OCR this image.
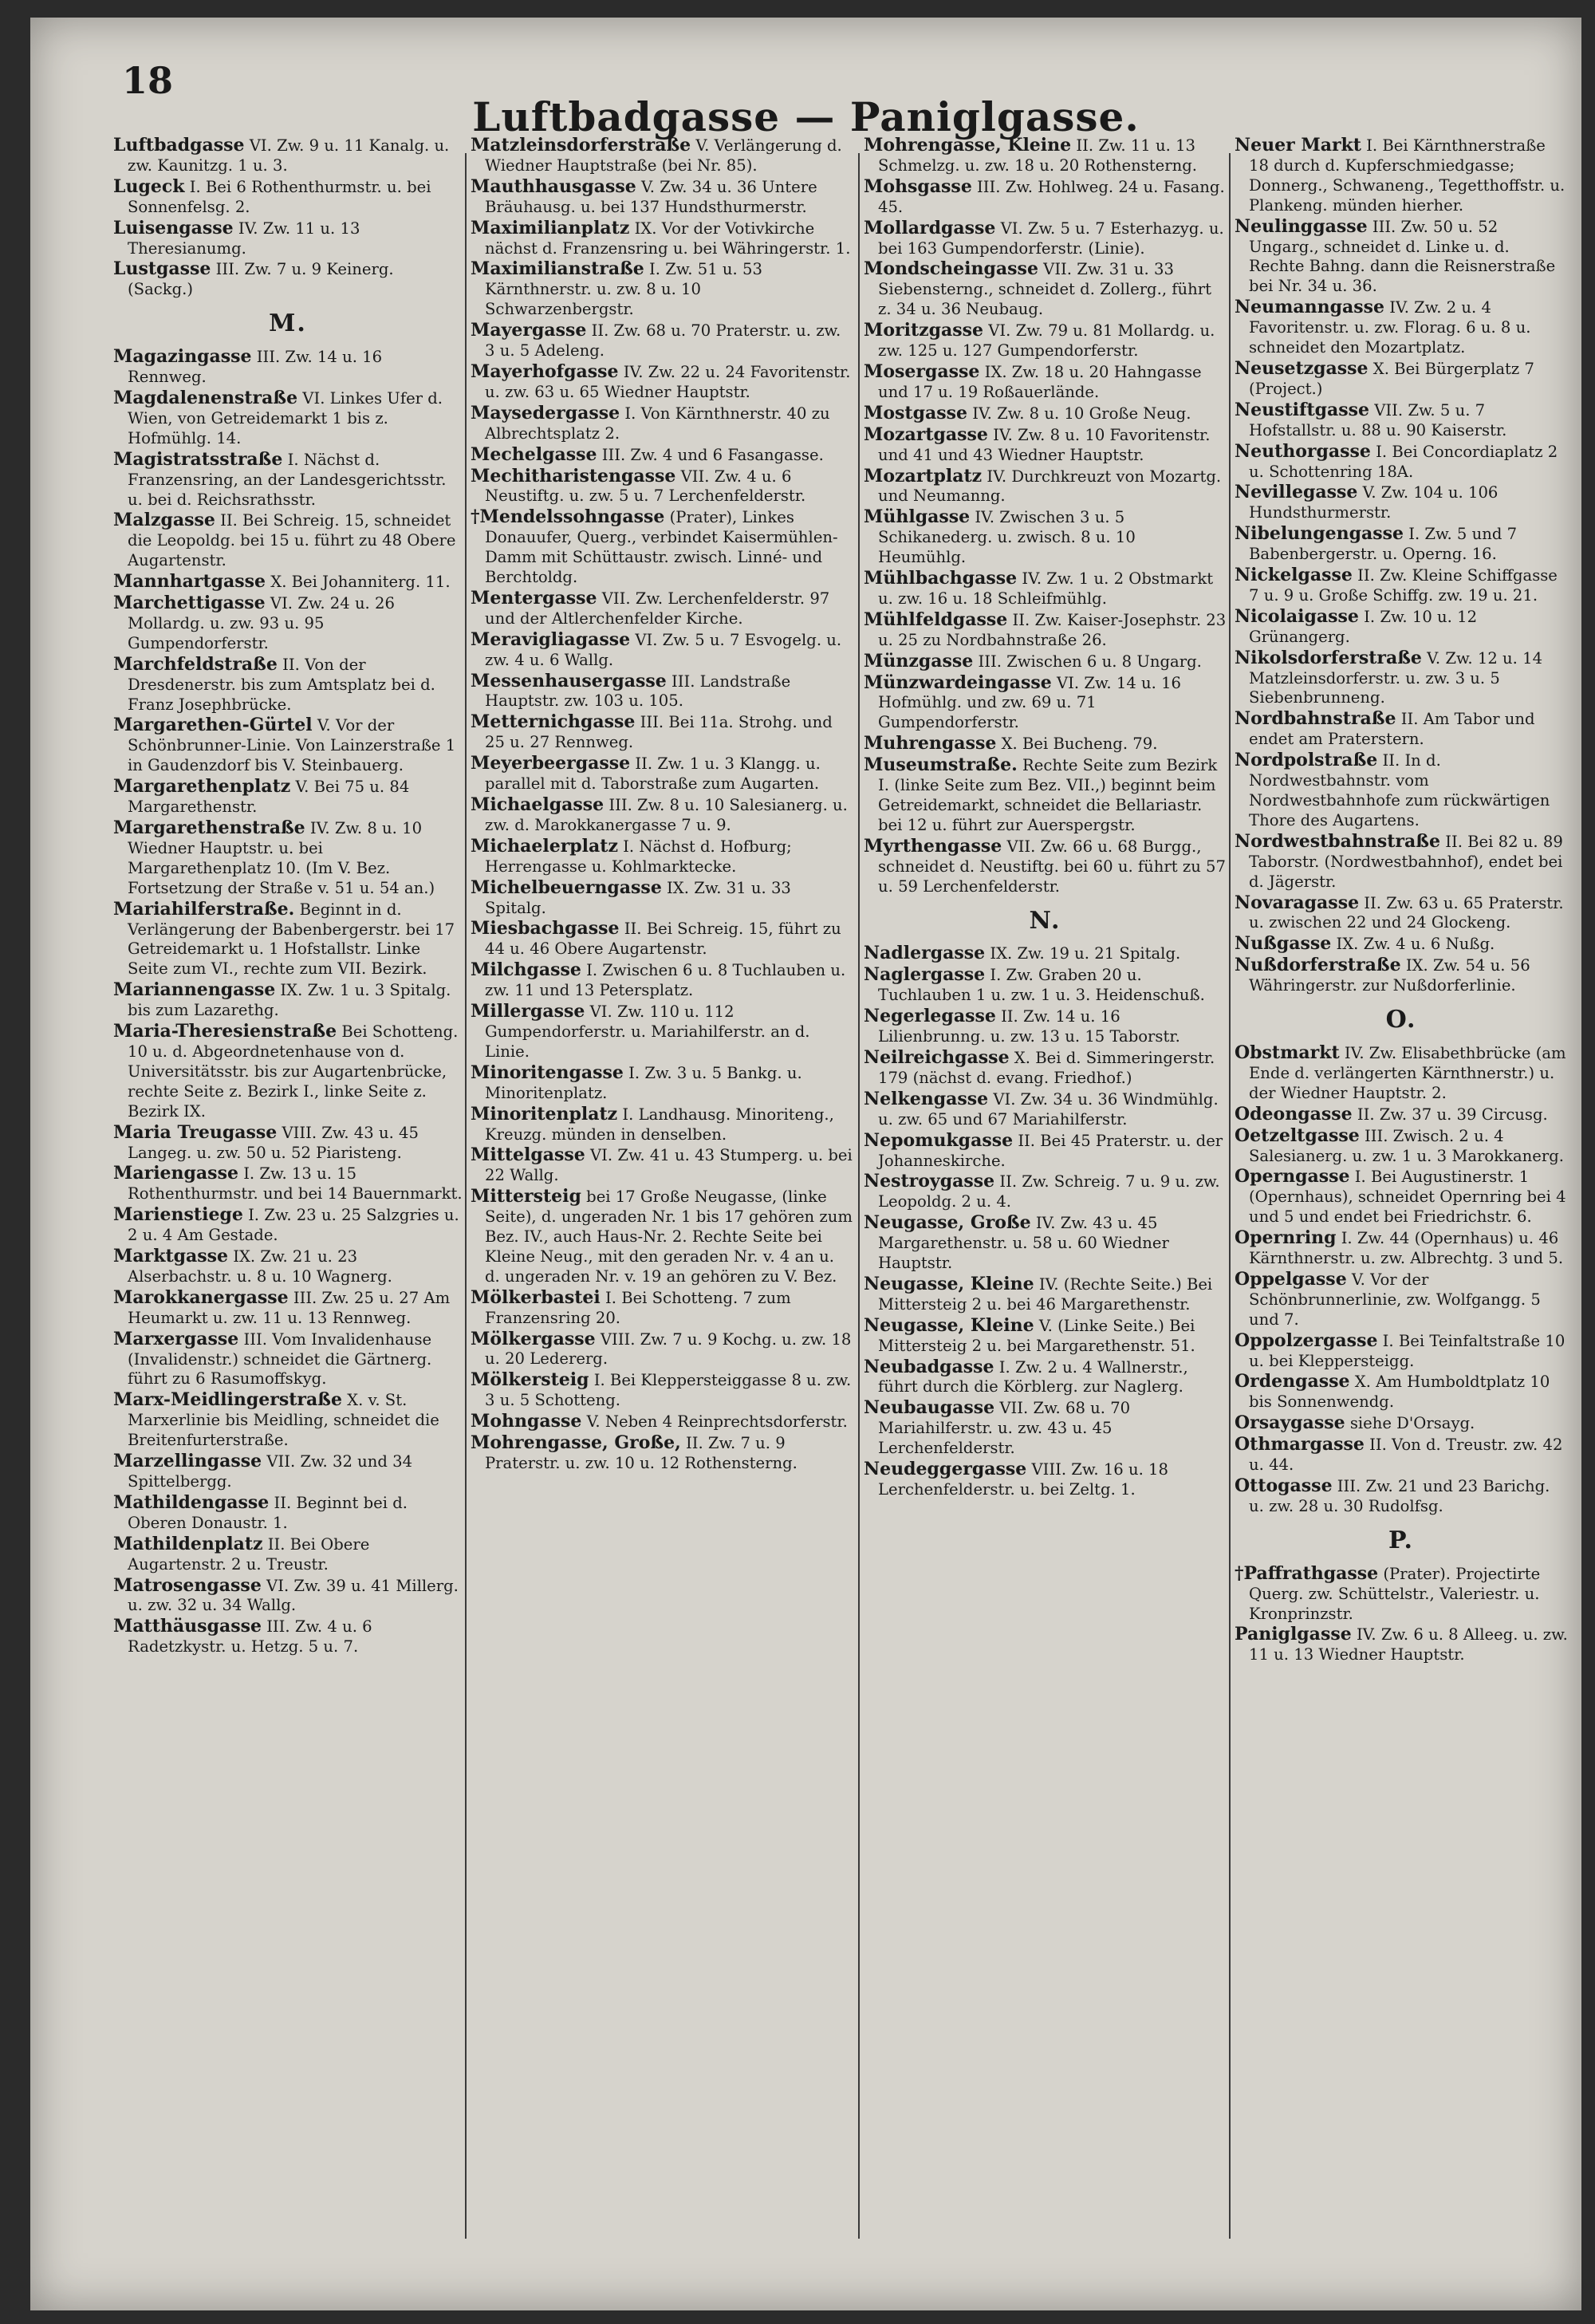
18
Luftbadgasse — Paniglgasse.
Luftbadgasse VI. Zw. 9 u. 11 Kanalg. u. zw. Kaunitzg. 1 u. 3.
Lugeck I. Bei 6 Rothenthurmstr. u. bei Sonnenfelsg. 2.
Luisengasse IV. Zw. 11 u. 13 Theresianumg.
Lustgasse III. Zw. 7 u. 9 Keinerg. (Sackg.)
M.
Magazingasse III. Zw. 14 u. 16 Rennweg.
Magdalenenstraße VI. Linkes Ufer d. Wien, von Getreidemarkt 1 bis z. Hofmühlg. 14.
Magistratsstraße I. Nächst d. Franzensring, an der Landesgerichtsstr. u. bei d. Reichsrathsstr.
Malzgasse II. Bei Schreig. 15, schneidet die Leopoldg. bei 15 u. führt zu 48 Obere Augartenstr.
Mannhartgasse X. Bei Johanniterg. 11.
Marchettigasse VI. Zw. 24 u. 26 Mollardg. u. zw. 93 u. 95 Gumpendorferstr.
Marchfeldstraße II. Von der Dresdenerstr. bis zum Amtsplatz bei d. Franz Josephbrücke.
Margarethen-Gürtel V. Vor der Schönbrunner-Linie. Von Lainzerstraße 1 in Gaudenzdorf bis V. Steinbauerg.
Margarethenplatz V. Bei 75 u. 84 Margarethenstr.
Margarethenstraße IV. Zw. 8 u. 10 Wiedner Hauptstr. u. bei Margarethenplatz 10. (Im V. Bez. Fortsetzung der Straße v. 51 u. 54 an.)
Mariahilferstraße. Beginnt in d. Verlängerung der Babenbergerstr. bei 17 Getreidemarkt u. 1 Hofstallstr. Linke Seite zum VI., rechte zum VII. Bezirk.
Mariannengasse IX. Zw. 1 u. 3 Spitalg. bis zum Lazarethg.
Maria-Theresienstraße Bei Schotteng. 10 u. d. Abgeordnetenhause von d. Universitätsstr. bis zur Augartenbrücke, rechte Seite z. Bezirk I., linke Seite z. Bezirk IX.
Maria Treugasse VIII. Zw. 43 u. 45 Langeg. u. zw. 50 u. 52 Piaristeng.
Mariengasse I. Zw. 13 u. 15 Rothenthurmstr. und bei 14 Bauernmarkt.
Marienstiege I. Zw. 23 u. 25 Salzgries u. 2 u. 4 Am Gestade.
Marktgasse IX. Zw. 21 u. 23 Alserbachstr. u. 8 u. 10 Wagnerg.
Marokkanergasse III. Zw. 25 u. 27 Am Heumarkt u. zw. 11 u. 13 Rennweg.
Marxergasse III. Vom Invalidenhause (Invalidenstr.) schneidet die Gärtnerg. führt zu 6 Rasumoffskyg.
Marx-Meidlingerstraße X. v. St. Marxerlinie bis Meidling, schneidet die Breitenfurterstraße.
Marzellingasse VII. Zw. 32 und 34 Spittelbergg.
Mathildengasse II. Beginnt bei d. Oberen Donaustr. 1.
Mathildenplatz II. Bei Obere Augartenstr. 2 u. Treustr.
Matrosengasse VI. Zw. 39 u. 41 Millerg. u. zw. 32 u. 34 Wallg.
Matthäusgasse III. Zw. 4 u. 6 Radetzkystr. u. Hetzg. 5 u. 7.
Matzleinsdorferstraße V. Verlängerung d. Wiedner Hauptstraße (bei Nr. 85).
Mauthhausgasse V. Zw. 34 u. 36 Untere Bräuhausg. u. bei 137 Hundsthurmerstr.
Maximilianplatz IX. Vor der Votivkirche nächst d. Franzensring u. bei Währingerstr. 1.
Maximilianstraße I. Zw. 51 u. 53 Kärnthnerstr. u. zw. 8 u. 10 Schwarzenbergstr.
Mayergasse II. Zw. 68 u. 70 Praterstr. u. zw. 3 u. 5 Adeleng.
Mayerhofgasse IV. Zw. 22 u. 24 Favoritenstr. u. zw. 63 u. 65 Wiedner Hauptstr.
Maysedergasse I. Von Kärnthnerstr. 40 zu Albrechtsplatz 2.
Mechelgasse III. Zw. 4 und 6 Fasangasse.
Mechitharistengasse VII. Zw. 4 u. 6 Neustiftg. u. zw. 5 u. 7 Lerchenfelderstr.
†Mendelssohngasse (Prater), Linkes Donauufer, Querg., verbindet Kaisermühlen-Damm mit Schüttaustr. zwisch. Linné- und Berchtoldg.
Mentergasse VII. Zw. Lerchenfelderstr. 97 und der Altlerchenfelder Kirche.
Meravigliagasse VI. Zw. 5 u. 7 Esvogelg. u. zw. 4 u. 6 Wallg.
Messenhausergasse III. Landstraße Hauptstr. zw. 103 u. 105.
Metternichgasse III. Bei 11a. Strohg. und 25 u. 27 Rennweg.
Meyerbeergasse II. Zw. 1 u. 3 Klangg. u. parallel mit d. Taborstraße zum Augarten.
Michaelgasse III. Zw. 8 u. 10 Salesianerg. u. zw. d. Marokkanergasse 7 u. 9.
Michaelerplatz I. Nächst d. Hofburg; Herrengasse u. Kohlmarktecke.
Michelbeuerngasse IX. Zw. 31 u. 33 Spitalg.
Miesbachgasse II. Bei Schreig. 15, führt zu 44 u. 46 Obere Augartenstr.
Milchgasse I. Zwischen 6 u. 8 Tuchlauben u. zw. 11 und 13 Petersplatz.
Millergasse VI. Zw. 110 u. 112 Gumpendorferstr. u. Mariahilferstr. an d. Linie.
Minoritengasse I. Zw. 3 u. 5 Bankg. u. Minoritenplatz.
Minoritenplatz I. Landhausg. Minoriteng., Kreuzg. münden in denselben.
Mittelgasse VI. Zw. 41 u. 43 Stumperg. u. bei 22 Wallg.
Mittersteig bei 17 Große Neugasse, (linke Seite), d. ungeraden Nr. 1 bis 17 gehören zum Bez. IV., auch Haus-Nr. 2. Rechte Seite bei Kleine Neug., mit den geraden Nr. v. 4 an u. d. ungeraden Nr. v. 19 an gehören zu V. Bez.
Mölkerbastei I. Bei Schotteng. 7 zum Franzensring 20.
Mölkergasse VIII. Zw. 7 u. 9 Kochg. u. zw. 18 u. 20 Ledererg.
Mölkersteig I. Bei Kleppersteiggasse 8 u. zw. 3 u. 5 Schotteng.
Mohngasse V. Neben 4 Reinprechtsdorferstr.
Mohrengasse, Große, II. Zw. 7 u. 9 Praterstr. u. zw. 10 u. 12 Rothensterng.
Mohrengasse, Kleine II. Zw. 11 u. 13 Schmelzg. u. zw. 18 u. 20 Rothensterng.
Mohsgasse III. Zw. Hohlweg. 24 u. Fasang. 45.
Mollardgasse VI. Zw. 5 u. 7 Esterhazyg. u. bei 163 Gumpendorferstr. (Linie).
Mondscheingasse VII. Zw. 31 u. 33 Siebensterng., schneidet d. Zollerg., führt z. 34 u. 36 Neubaug.
Moritzgasse VI. Zw. 79 u. 81 Mollardg. u. zw. 125 u. 127 Gumpendorferstr.
Mosergasse IX. Zw. 18 u. 20 Hahngasse und 17 u. 19 Roßauerlände.
Mostgasse IV. Zw. 8 u. 10 Große Neug.
Mozartgasse IV. Zw. 8 u. 10 Favoritenstr. und 41 und 43 Wiedner Hauptstr.
Mozartplatz IV. Durchkreuzt von Mozartg. und Neumanng.
Mühlgasse IV. Zwischen 3 u. 5 Schikanederg. u. zwisch. 8 u. 10 Heumühlg.
Mühlbachgasse IV. Zw. 1 u. 2 Obstmarkt u. zw. 16 u. 18 Schleifmühlg.
Mühlfeldgasse II. Zw. Kaiser-Josephstr. 23 u. 25 zu Nordbahnstraße 26.
Münzgasse III. Zwischen 6 u. 8 Ungarg.
Münzwardeingasse VI. Zw. 14 u. 16 Hofmühlg. und zw. 69 u. 71 Gumpendorferstr.
Muhrengasse X. Bei Bucheng. 79.
Museumstraße. Rechte Seite zum Bezirk I. (linke Seite zum Bez. VII.,) beginnt beim Getreidemarkt, schneidet die Bellariastr. bei 12 u. führt zur Auerspergstr.
Myrthengasse VII. Zw. 66 u. 68 Burgg., schneidet d. Neustiftg. bei 60 u. führt zu 57 u. 59 Lerchenfelderstr.
N.
Nadlergasse IX. Zw. 19 u. 21 Spitalg.
Naglergasse I. Zw. Graben 20 u. Tuchlauben 1 u. zw. 1 u. 3. Heidenschuß.
Negerlegasse II. Zw. 14 u. 16 Lilienbrunng. u. zw. 13 u. 15 Taborstr.
Neilreichgasse X. Bei d. Simmeringerstr. 179 (nächst d. evang. Friedhof.)
Nelkengasse VI. Zw. 34 u. 36 Windmühlg. u. zw. 65 und 67 Mariahilferstr.
Nepomukgasse II. Bei 45 Praterstr. u. der Johanneskirche.
Nestroygasse II. Zw. Schreig. 7 u. 9 u. zw. Leopoldg. 2 u. 4.
Neugasse, Große IV. Zw. 43 u. 45 Margarethenstr. u. 58 u. 60 Wiedner Hauptstr.
Neugasse, Kleine IV. (Rechte Seite.) Bei Mittersteig 2 u. bei 46 Margarethenstr.
Neugasse, Kleine V. (Linke Seite.) Bei Mittersteig 2 u. bei Margarethenstr. 51.
Neubadgasse I. Zw. 2 u. 4 Wallnerstr., führt durch die Körblerg. zur Naglerg.
Neubaugasse VII. Zw. 68 u. 70 Mariahilferstr. u. zw. 43 u. 45 Lerchenfelderstr.
Neudeggergasse VIII. Zw. 16 u. 18 Lerchenfelderstr. u. bei Zeltg. 1.
Neuer Markt I. Bei Kärnthnerstraße 18 durch d. Kupferschmiedgasse; Donnerg., Schwaneng., Tegetthoffstr. u. Plankeng. münden hierher.
Neulinggasse III. Zw. 50 u. 52 Ungarg., schneidet d. Linke u. d. Rechte Bahng. dann die Reisnerstraße bei Nr. 34 u. 36.
Neumanngasse IV. Zw. 2 u. 4 Favoritenstr. u. zw. Florag. 6 u. 8 u. schneidet den Mozartplatz.
Neusetzgasse X. Bei Bürgerplatz 7 (Project.)
Neustiftgasse VII. Zw. 5 u. 7 Hofstallstr. u. 88 u. 90 Kaiserstr.
Neuthorgasse I. Bei Concordiaplatz 2 u. Schottenring 18A.
Nevillegasse V. Zw. 104 u. 106 Hundsthurmerstr.
Nibelungengasse I. Zw. 5 und 7 Babenbergerstr. u. Operng. 16.
Nickelgasse II. Zw. Kleine Schiffgasse 7 u. 9 u. Große Schiffg. zw. 19 u. 21.
Nicolaigasse I. Zw. 10 u. 12 Grünangerg.
Nikolsdorferstraße V. Zw. 12 u. 14 Matzleinsdorferstr. u. zw. 3 u. 5 Siebenbrunneng.
Nordbahnstraße II. Am Tabor und endet am Praterstern.
Nordpolstraße II. In d. Nordwestbahnstr. vom Nordwestbahnhofe zum rückwärtigen Thore des Augartens.
Nordwestbahnstraße II. Bei 82 u. 89 Taborstr. (Nordwestbahnhof), endet bei d. Jägerstr.
Novaragasse II. Zw. 63 u. 65 Praterstr. u. zwischen 22 und 24 Glockeng.
Nußgasse IX. Zw. 4 u. 6 Nußg.
Nußdorferstraße IX. Zw. 54 u. 56 Währingerstr. zur Nußdorferlinie.
O.
Obstmarkt IV. Zw. Elisabethbrücke (am Ende d. verlängerten Kärnthnerstr.) u. der Wiedner Hauptstr. 2.
Odeongasse II. Zw. 37 u. 39 Circusg.
Oetzeltgasse III. Zwisch. 2 u. 4 Salesianerg. u. zw. 1 u. 3 Marokkanerg.
Operngasse I. Bei Augustinerstr. 1 (Opernhaus), schneidet Opernring bei 4 und 5 und endet bei Friedrichstr. 6.
Opernring I. Zw. 44 (Opernhaus) u. 46 Kärnthnerstr. u. zw. Albrechtg. 3 und 5.
Oppelgasse V. Vor der Schönbrunnerlinie, zw. Wolfgangg. 5 und 7.
Oppolzergasse I. Bei Teinfaltstraße 10 u. bei Kleppersteigg.
Ordengasse X. Am Humboldtplatz 10 bis Sonnenwendg.
Orsaygasse siehe D'Orsayg.
Othmargasse II. Von d. Treustr. zw. 42 u. 44.
Ottogasse III. Zw. 21 und 23 Barichg. u. zw. 28 u. 30 Rudolfsg.
P.
†Paffrathgasse (Prater). Projectirte Querg. zw. Schüttelstr., Valeriestr. u. Kronprinzstr.
Paniglgasse IV. Zw. 6 u. 8 Alleeg. u. zw. 11 u. 13 Wiedner Hauptstr.
